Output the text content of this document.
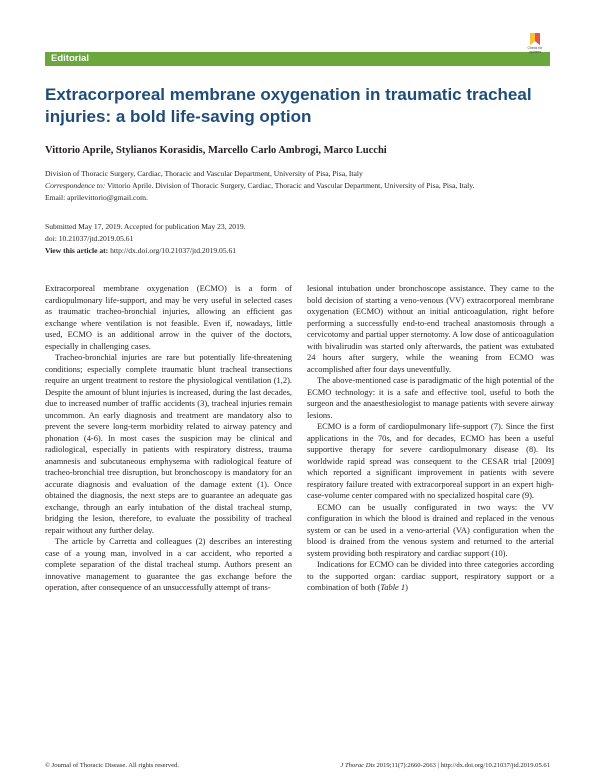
Editorial
Check for
updates
Extracorporeal membrane oxygenation in traumatic tracheal injuries: a bold life-saving option
Vittorio Aprile, Stylianos Korasidis, Marcello Carlo Ambrogi, Marco Lucchi
Division of Thoracic Surgery, Cardiac, Thoracic and Vascular Department, University of Pisa, Pisa, Italy
Correspondence to: Vittorio Aprile. Division of Thoracic Surgery, Cardiac, Thoracic and Vascular Department, University of Pisa, Pisa, Italy.
Email: aprilevittorio@gmail.com.
Submitted May 17, 2019. Accepted for publication May 23, 2019.
doi: 10.21037/jtd.2019.05.61
View this article at: http://dx.doi.org/10.21037/jtd.2019.05.61

Extracorporeal membrane oxygenation (ECMO) is a form of cardiopulmonary life-support, and may be very useful in selected cases as traumatic tracheo-bronchial injuries, allowing an efficient gas exchange where ventilation is not feasible. Even if, nowadays, little used, ECMO is an additional arrow in the quiver of the doctors, especially in challenging cases.

Tracheo-bronchial injuries are rare but potentially life-threatening conditions; especially complete traumatic blunt tracheal transections require an urgent treatment to restore the physiological ventilation (1,2). Despite the amount of blunt injuries is increased, during the last decades, due to increased number of traffic accidents (3), tracheal injuries remain uncommon. An early diagnosis and treatment are mandatory also to prevent the severe long-term morbidity related to airway patency and phonation (4-6). In most cases the suspicion may be clinical and radiological, especially in patients with respiratory distress, trauma anamnesis and subcutaneous emphysema with radiological feature of tracheo-bronchial tree disruption, but bronchoscopy is mandatory for an accurate diagnosis and evaluation of the damage extent (1). Once obtained the diagnosis, the next steps are to guarantee an adequate gas exchange, through an early intubation of the distal tracheal stump, bridging the lesion, therefore, to evaluate the possibility of tracheal repair without any further delay.

The article by Carretta and colleagues (2) describes an interesting case of a young man, involved in a car accident, who reported a complete separation of the distal tracheal stump. Authors present an innovative management to guarantee the gas exchange before the operation, after consequence of an unsuccessfully attempt of trans-

lesional intubation under bronchoscope assistance. They came to the bold decision of starting a veno-venous (VV) extracorporeal membrane oxygenation (ECMO) without an initial anticoagulation, right before performing a successfully end-to-end tracheal anastomosis through a cervicotomy and partial upper sternotomy. A low dose of anticoagulation with bivalirudin was started only afterwards, the patient was extubated 24 hours after surgery, while the weaning from ECMO was accomplished after four days uneventfully.

The above-mentioned case is paradigmatic of the high potential of the ECMO technology: it is a safe and effective tool, useful to both the surgeon and the anaesthesiologist to manage patients with severe airway lesions.

ECMO is a form of cardiopulmonary life-support (7). Since the first applications in the 70s, and for decades, ECMO has been a useful supportive therapy for severe cardiopulmonary disease (8). Its worldwide rapid spread was consequent to the CESAR trial [2009] which reported a significant improvement in patients with severe respiratory failure treated with extracorporeal support in an expert high-case-volume center compared with no specialized hospital care (9).

ECMO can be usually configurated in two ways: the VV configuration in which the blood is drained and replaced in the venous system or can be used in a veno-arterial (VA) configuration when the blood is drained from the venous system and returned to the arterial system providing both respiratory and cardiac support (10).

Indications for ECMO can be divided into three categories according to the supported organ: cardiac support, respiratory support or a combination of both (Table 1)

© Journal of Thoracic Disease. All rights reserved.	J Thorac Dis 2019;11(7):2660-2663 | http://dx.doi.org/10.21037/jtd.2019.05.61
